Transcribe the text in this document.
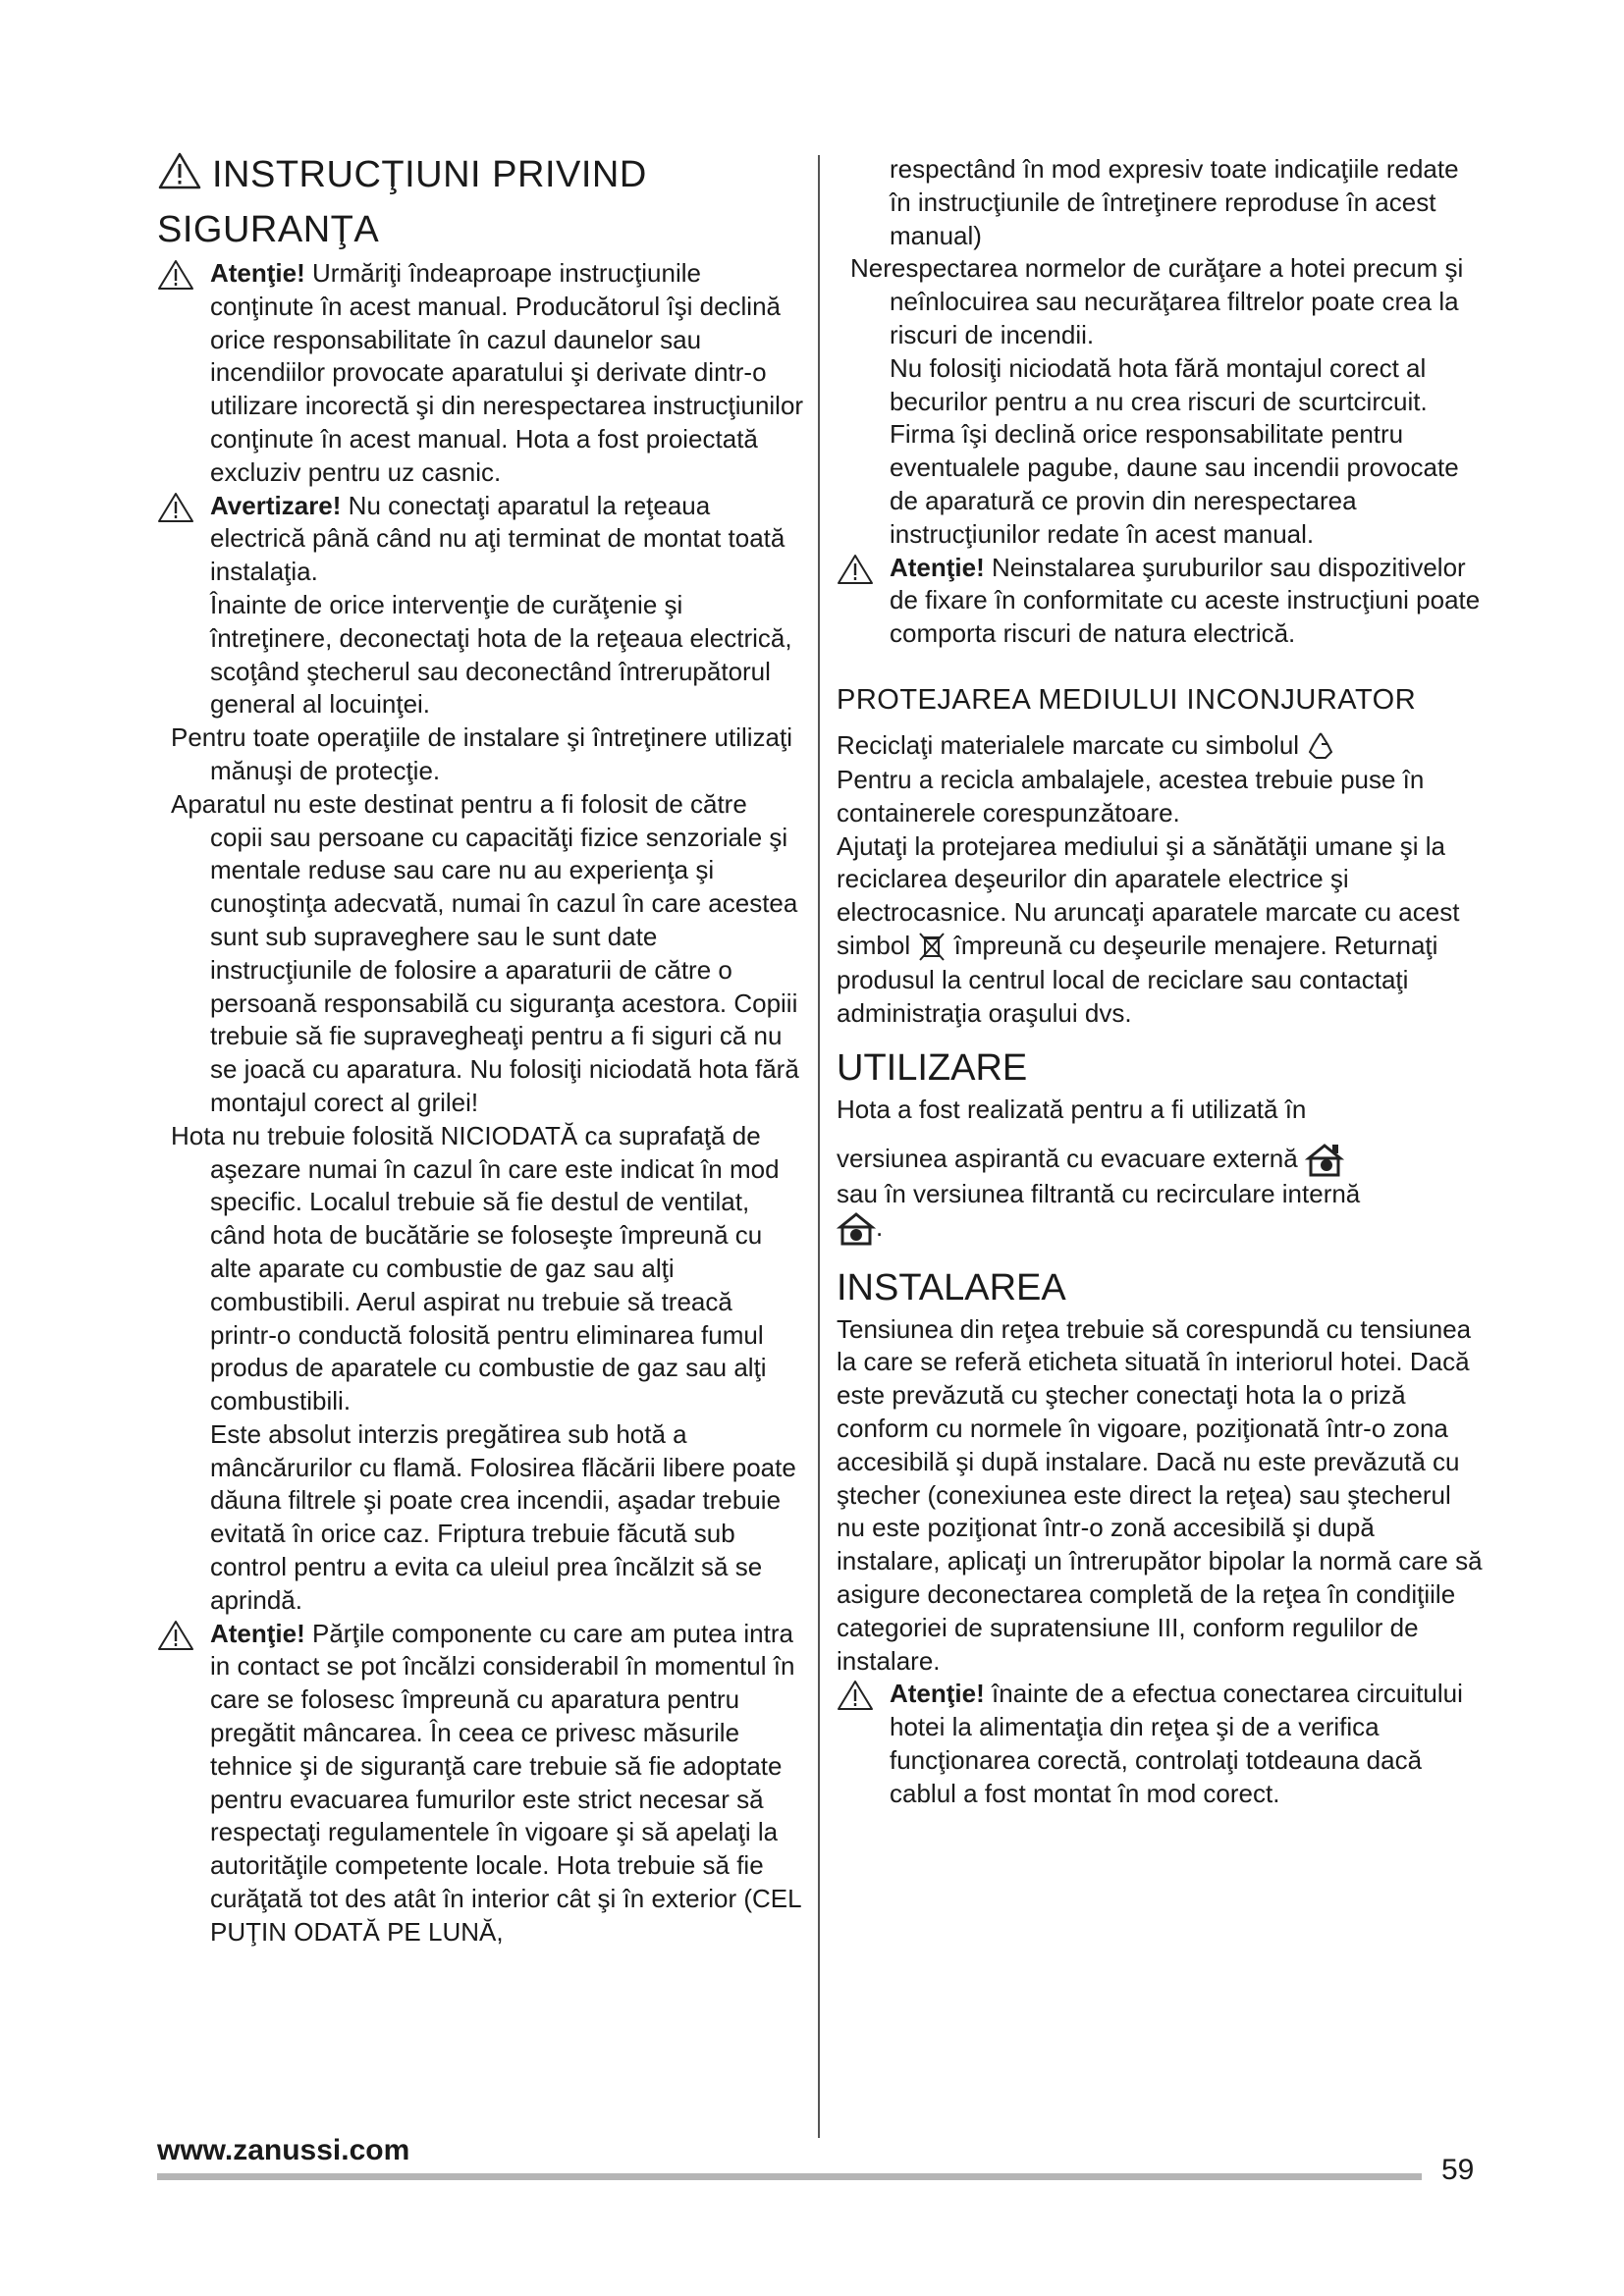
INSTRUCŢIUNI PRIVIND
SIGURANŢA

Atenţie! Urmăriţi îndeaproape instrucţiunile conţinute în acest manual. Producătorul îşi declină orice responsabilitate în cazul daunelor sau incendiilor provocate aparatului şi derivate dintr-o utilizare incorectă şi din nerespectarea instrucţiunilor conţinute în acest manual. Hota a fost proiectată excluziv pentru uz casnic.

Avertizare! Nu conectaţi aparatul la reţeaua electrică până când nu aţi terminat de montat toată instalaţia.

Înainte de orice intervenţie de curăţenie şi întreţinere, deconectaţi hota de la reţeaua electrică, scoţând ştecherul sau deconectând întrerupătorul general al locuinţei.

Pentru toate operaţiile de instalare şi întreţinere utilizaţi mănuşi de protecţie.

Aparatul nu este destinat pentru a fi folosit de către copii sau persoane cu capacităţi fizice senzoriale şi mentale reduse sau care nu au experienţa şi cunoştinţa adecvată, numai în cazul în care acestea sunt sub supraveghere sau le sunt date instrucţiunile de folosire a aparaturii de către o persoană responsabilă cu siguranţa acestora. Copiii trebuie să fie supravegheaţi pentru a fi siguri că nu se joacă cu aparatura. Nu folosiţi niciodată hota fără montajul corect al grilei!

Hota nu trebuie folosită NICIODATĂ ca suprafaţă de aşezare numai în cazul în care este indicat în mod specific. Localul trebuie să fie destul de ventilat, când hota de bucătărie se foloseşte împreună cu alte aparate cu combustie de gaz sau alţi combustibili. Aerul aspirat nu trebuie să treacă printr-o conductă folosită pentru eliminarea fumul produs de aparatele cu combustie de gaz sau alţi combustibili.

Este absolut interzis pregătirea sub hotă a mâncărurilor cu flamă. Folosirea flăcării libere poate dăuna filtrele şi poate crea incendii, aşadar trebuie evitată în orice caz. Friptura trebuie făcută sub control pentru a evita ca uleiul prea încălzit să se aprindă.

Atenţie! Părţile componente cu care am putea intra in contact se pot încălzi considerabil în momentul în care se folosesc împreună cu aparatura pentru pregătit mâncarea. În ceea ce privesc măsurile tehnice şi de siguranţă care trebuie să fie adoptate pentru evacuarea fumurilor este strict necesar să respectaţi regulamentele în vigoare şi să apelaţi la autorităţile competente locale. Hota trebuie să fie curăţată tot des atât în interior cât şi în exterior (CEL PUŢIN ODATĂ PE LUNĂ,

respectând în mod expresiv toate indicaţiile redate în instrucţiunile de întreţinere reproduse în acest manual)

Nerespectarea normelor de curăţare a hotei precum şi neînlocuirea sau necurăţarea filtrelor poate crea la riscuri de incendii.

Nu folosiţi niciodată hota fără montajul corect al becurilor pentru a nu crea riscuri de scurtcircuit. Firma îşi declină orice responsabilitate pentru eventualele pagube, daune sau incendii provocate de aparatură ce provin din nerespectarea instrucţiunilor redate în acest manual.

Atenţie! Neinstalarea şuruburilor sau dispozitivelor de fixare în conformitate cu aceste instrucţiuni poate comporta riscuri de natura electrică.

PROTEJAREA MEDIULUI INCONJURATOR

Reciclaţi materialele marcate cu simbolul
Pentru a recicla ambalajele, acestea trebuie puse în containerele corespunzătoare.

Ajutaţi la protejarea mediului şi a sănătăţii umane şi la reciclarea deşeurilor din aparatele electrice şi electrocasnice. Nu aruncaţi aparatele marcate cu acest simbol împreună cu deşeurile menajere. Returnaţi produsul la centrul local de reciclare sau contactaţi administraţia oraşului dvs.

UTILIZARE

Hota a fost realizată pentru a fi utilizată în
versiunea aspirantă cu evacuare externă
sau în versiunea filtrantă cu recirculare internă
.

INSTALAREA

Tensiunea din reţea trebuie să corespundă cu tensiunea la care se referă eticheta situată în interiorul hotei. Dacă este prevăzută cu ştecher conectaţi hota la o priză conform cu normele în vigoare, poziţionată într-o zona accesibilă şi după instalare. Dacă nu este prevăzută cu ştecher (conexiunea este direct la reţea) sau ştecherul nu este poziţionat într-o zonă accesibilă şi după instalare, aplicaţi un întrerupător bipolar la normă care să asigure deconectarea completă de la reţea în condiţiile categoriei de supratensiune III, conform regulilor de instalare.

Atenţie! înainte de a efectua conectarea circuitului hotei la alimentaţia din reţea şi de a verifica funcţionarea corectă, controlaţi totdeauna dacă cablul a fost montat în mod corect.

www.zanussi.com
59
